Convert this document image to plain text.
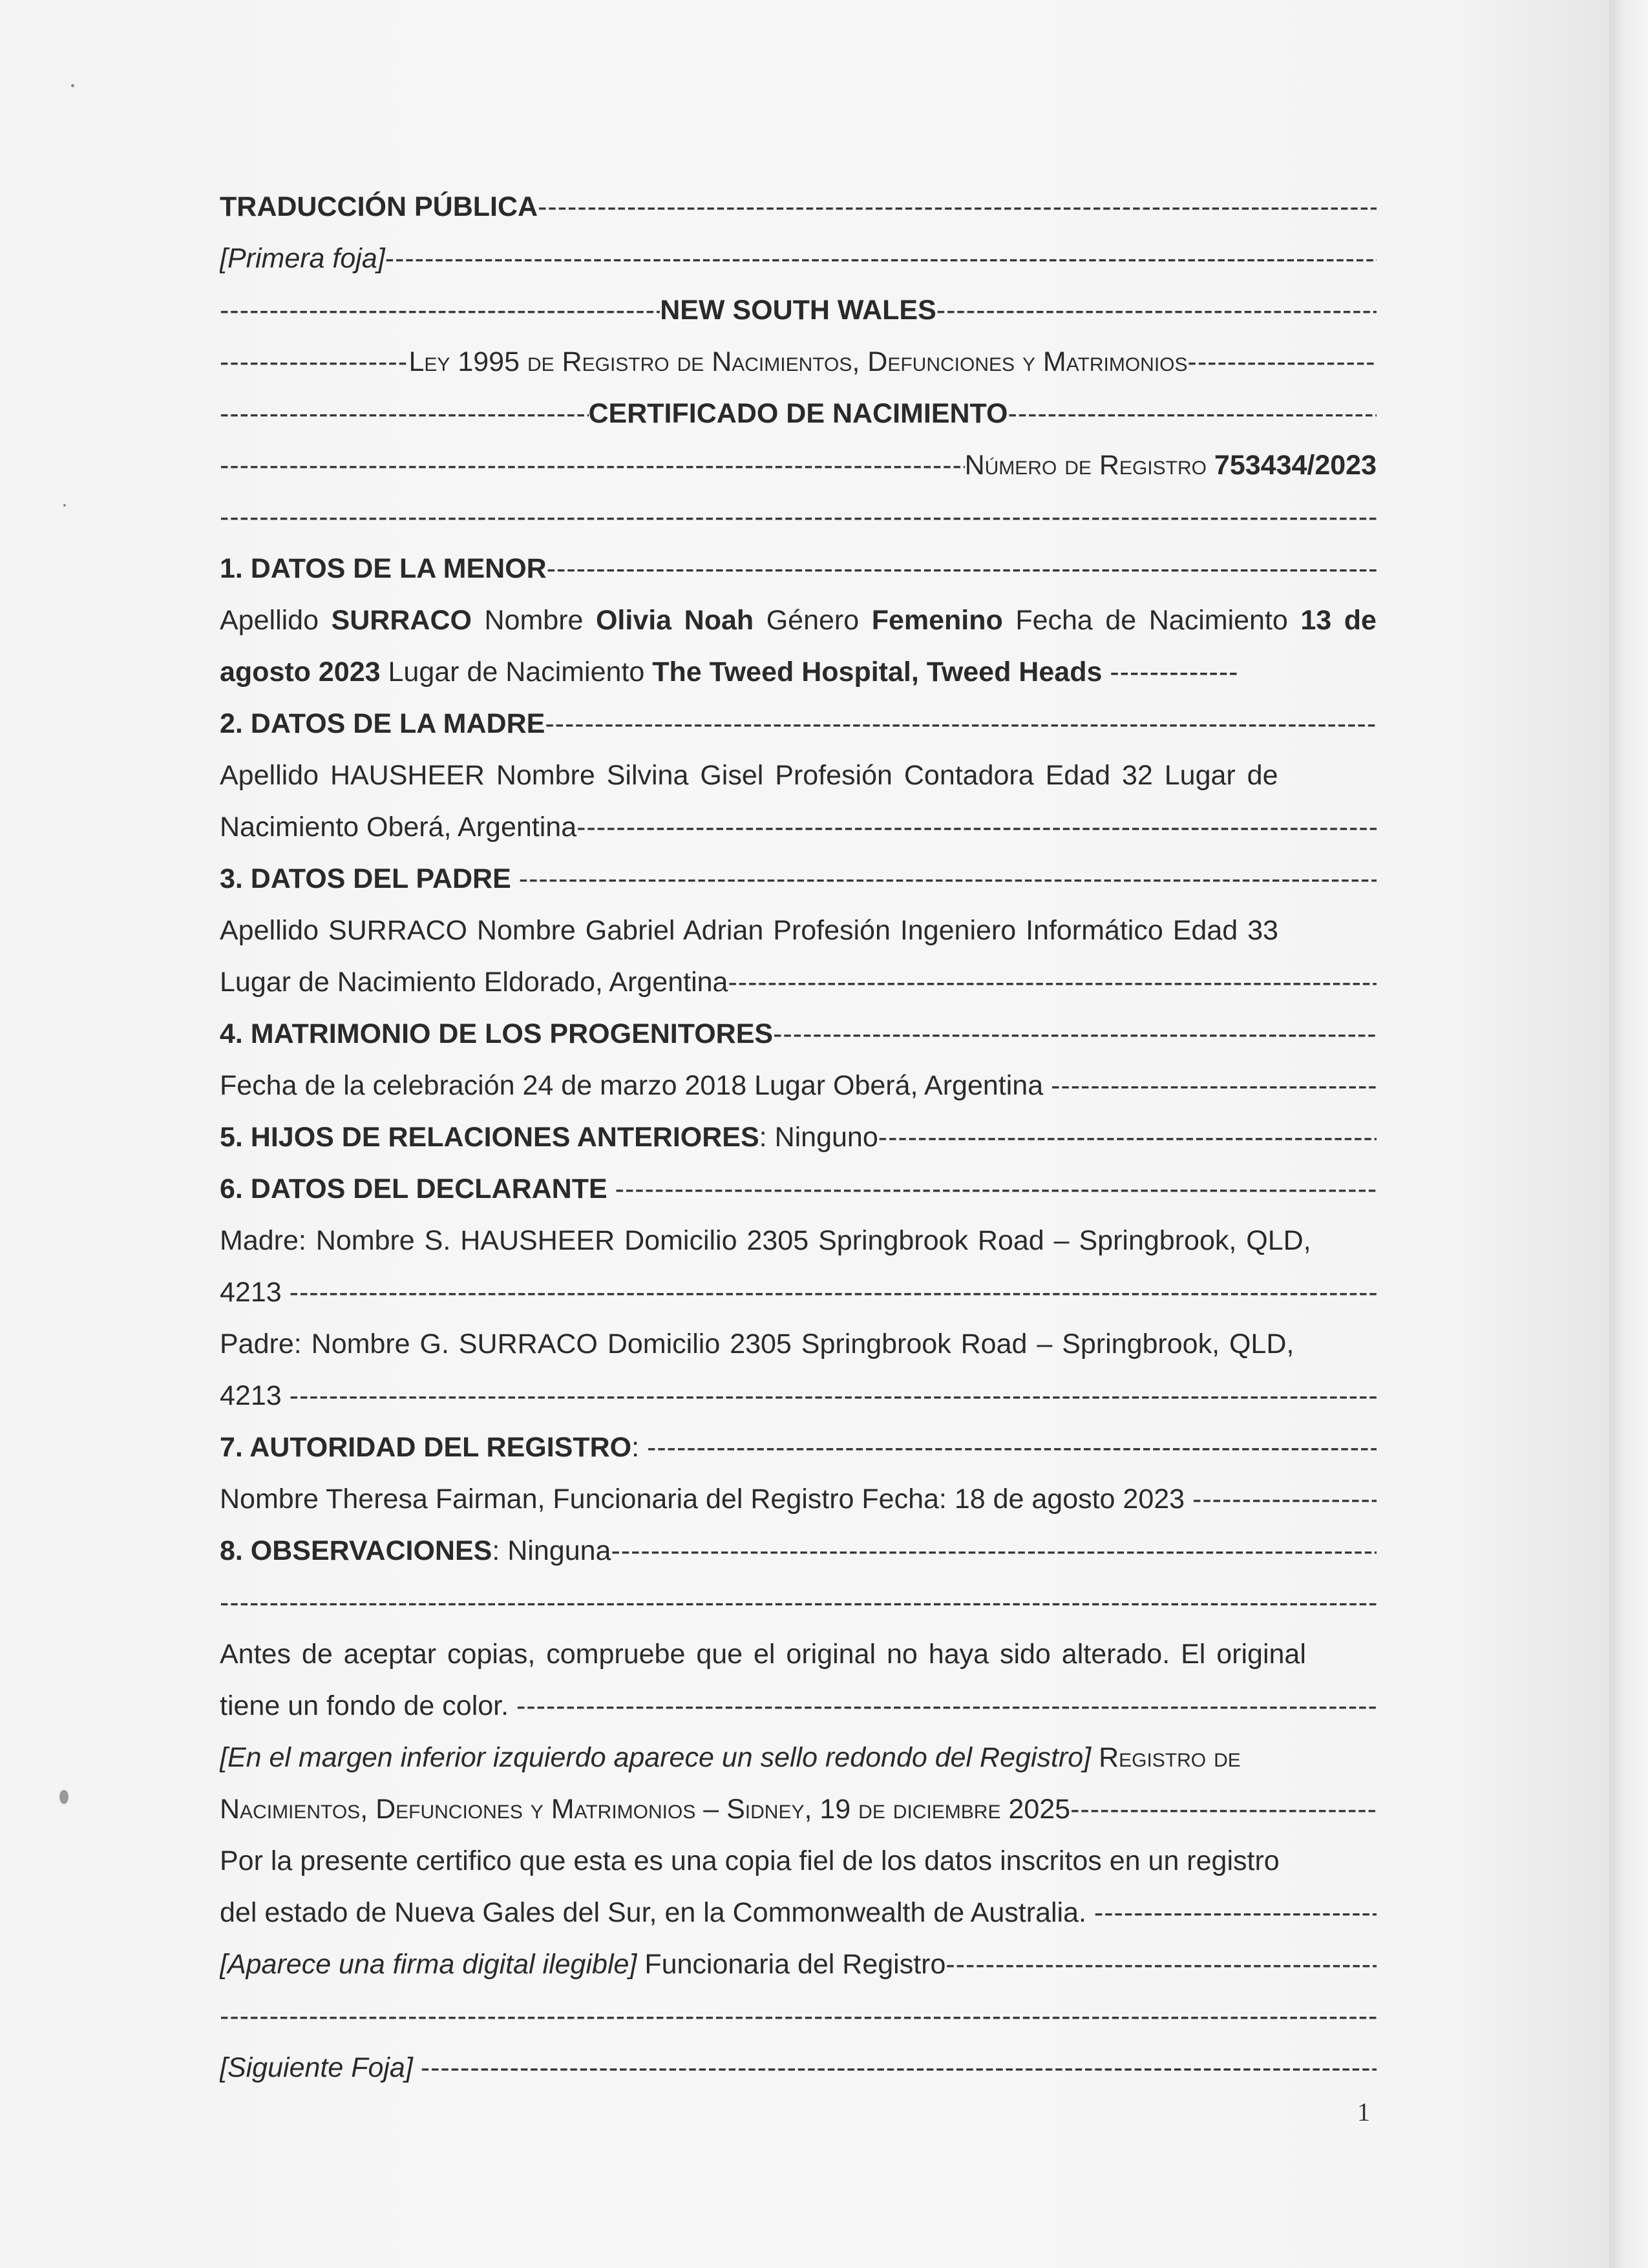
TRADUCCIÓN PÚBLICA
-----
[Primera foja]
-----
-----
NEW SOUTH WALES
-----
-----
Ley 1995 de Registro de Nacimientos, Defunciones y Matrimonios
-----
-----
CERTIFICADO DE NACIMIENTO
-----
-----
Número de Registro
753434/2023
-----
1. DATOS DE LA MENOR
-----
Apellido SURRACO Nombre Olivia Noah Género Femenino Fecha de Nacimiento 13 de agosto 2023 Lugar de Nacimiento The Tweed Hospital, Tweed Heads -------------
2. DATOS DE LA MADRE
-----
Apellido HAUSHEER Nombre Silvina Gisel Profesión Contadora Edad 32 Lugar de
Nacimiento Oberá, Argentina
-----
3. DATOS DEL PADRE

-----
Apellido SURRACO Nombre Gabriel Adrian Profesión Ingeniero Informático Edad 33
Lugar de Nacimiento Eldorado, Argentina
-----
4. MATRIMONIO DE LOS PROGENITORES
-----
Fecha de la celebración 24 de marzo 2018 Lugar Oberá, Argentina

-----
5. HIJOS DE RELACIONES ANTERIORES : Ninguno
-----
6. DATOS DEL DECLARANTE

-----
Madre: Nombre S. HAUSHEER Domicilio 2305 Springbrook Road – Springbrook, QLD,
4213

-----
Padre: Nombre G. SURRACO Domicilio 2305 Springbrook Road – Springbrook, QLD,
4213

-----
7. AUTORIDAD DEL REGISTRO :

-----
Nombre Theresa Fairman, Funcionaria del Registro Fecha: 18 de agosto 2023

-----
8. OBSERVACIONES : Ninguna
-----
-----
Antes de aceptar copias, compruebe que el original no haya sido alterado. El original
tiene un fondo de color.

-----
[En el margen inferior izquierdo aparece un sello redondo del Registro]
Registro de
Nacimientos, Defunciones y Matrimonios – Sidney, 19 de diciembre 2025
-----
Por la presente certifico que esta es una copia fiel de los datos inscritos en un registro
del estado de Nueva Gales del Sur, en la Commonwealth de Australia.

-----
[Aparece una firma digital ilegible]
Funcionaria del Registro
-----
-----
[Siguiente Foja]

-----
1
